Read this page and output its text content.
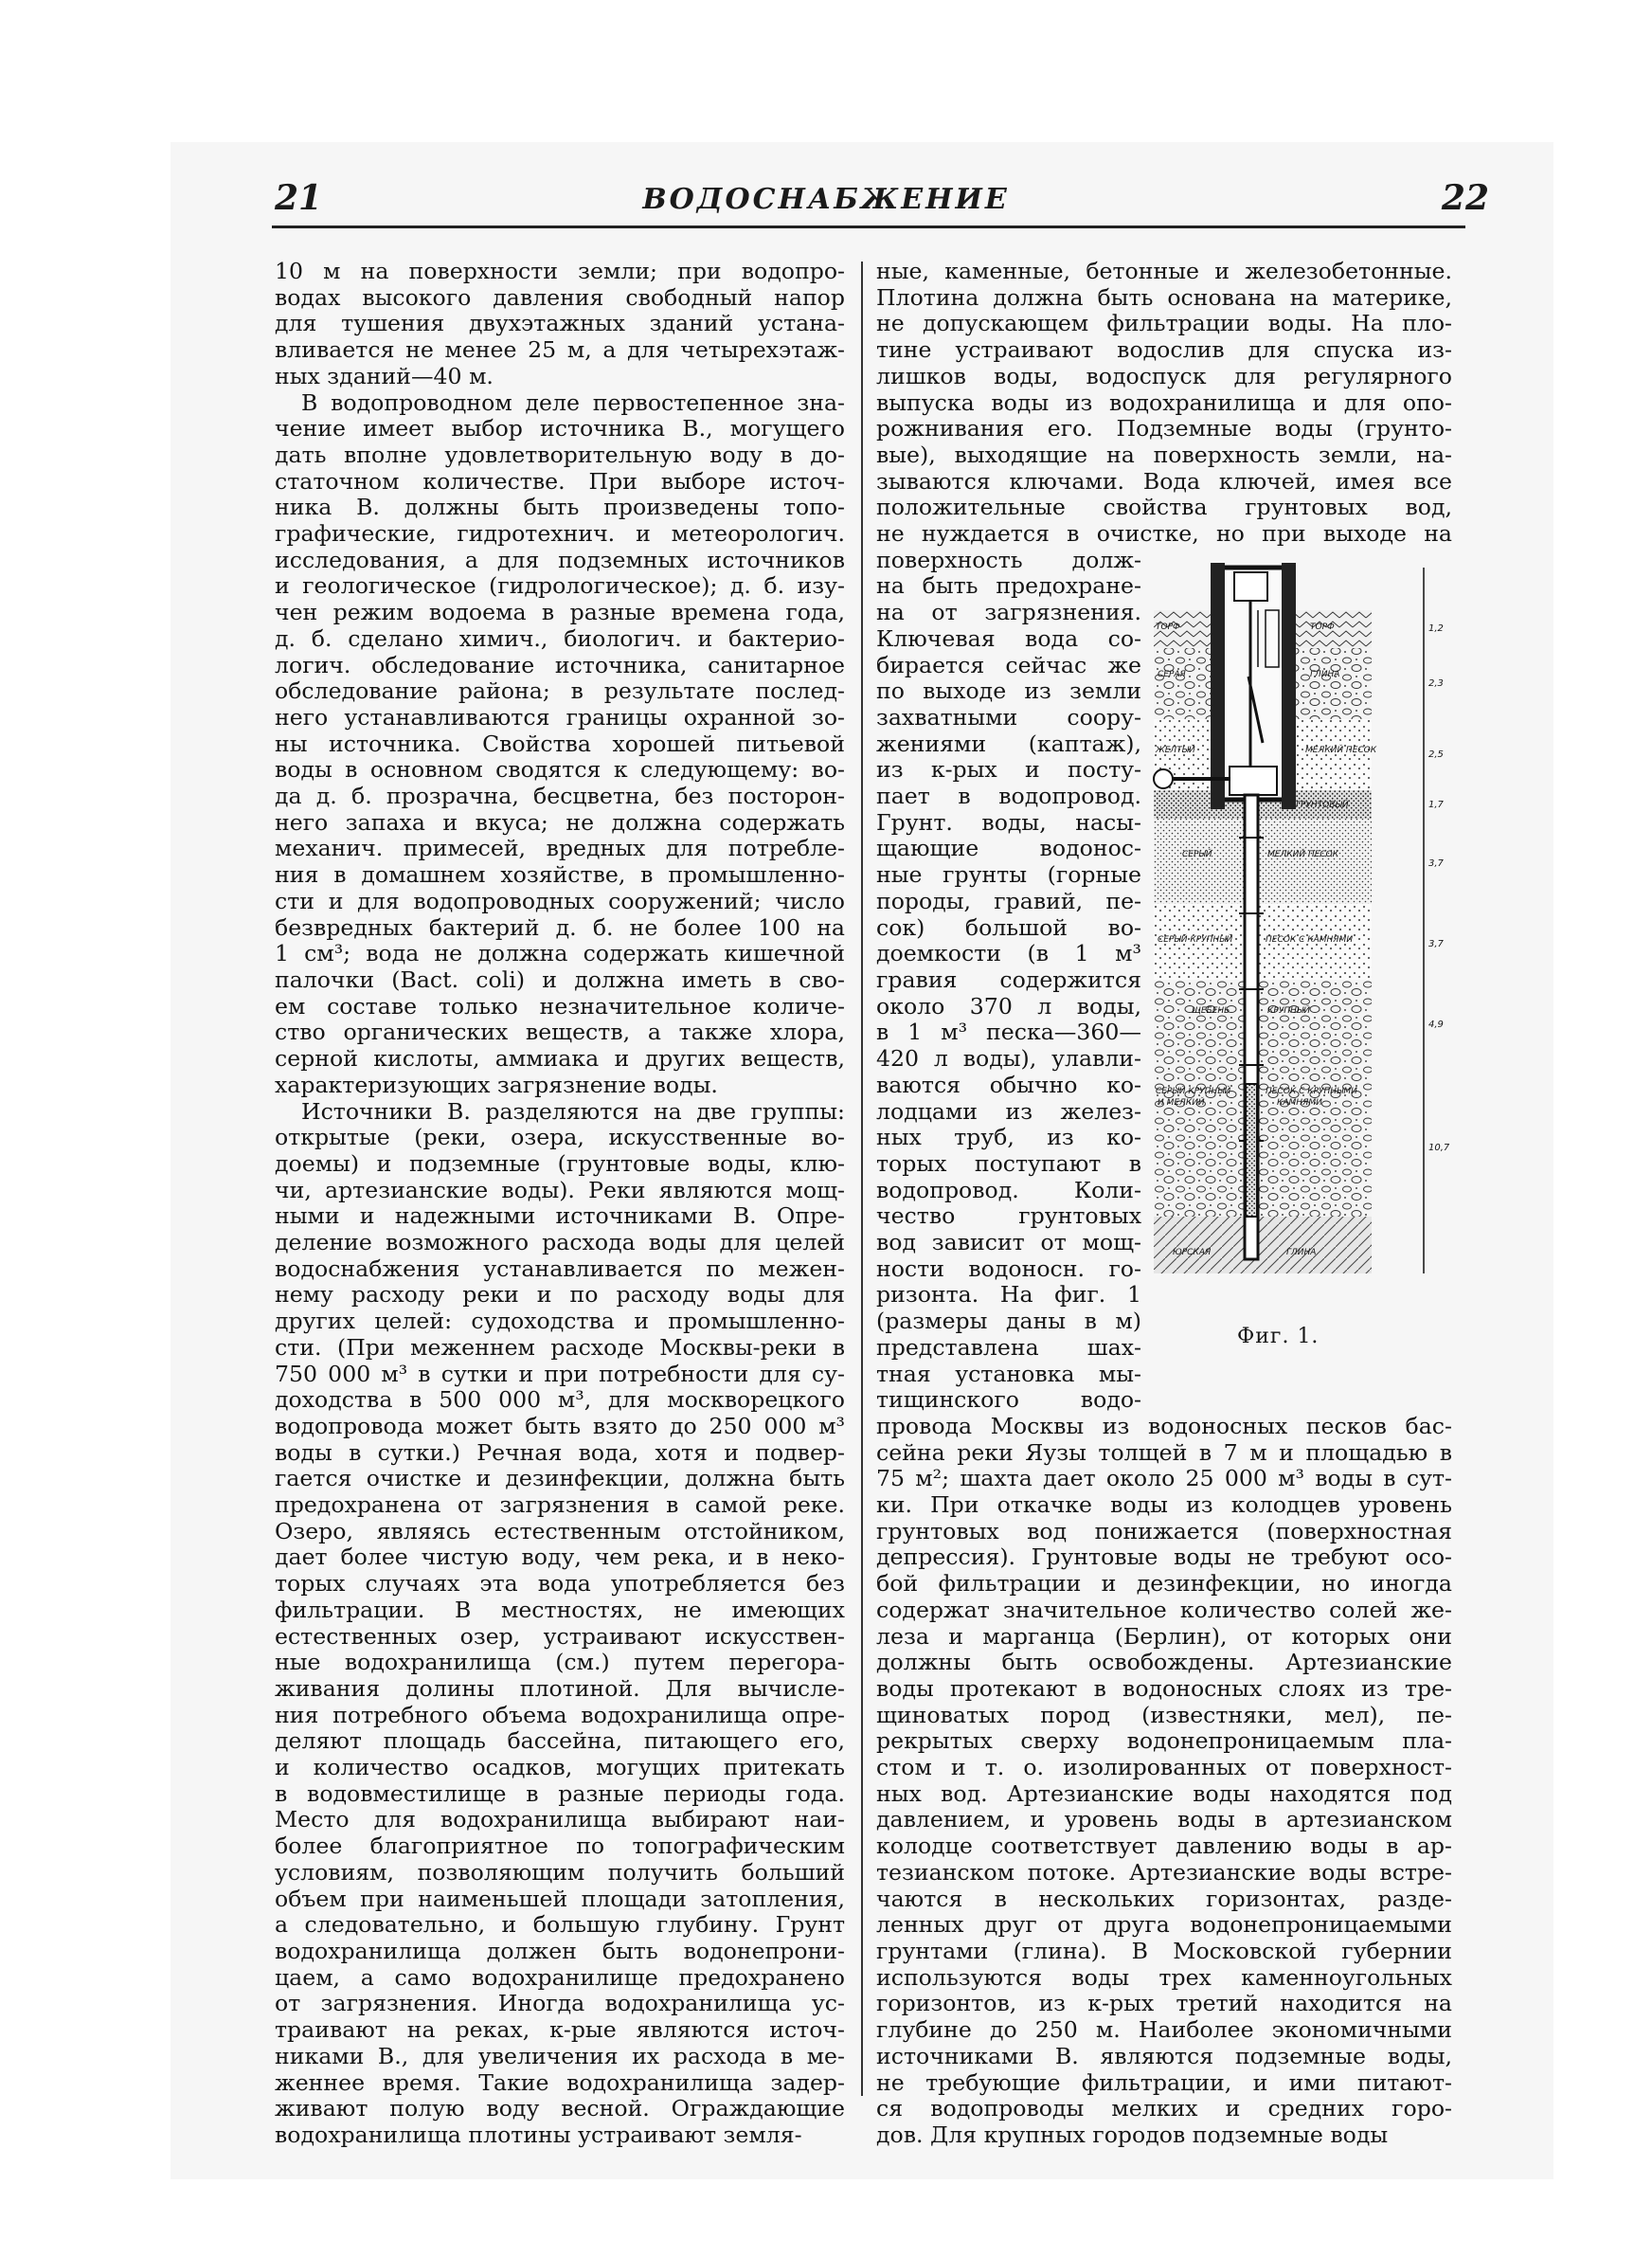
21	ВОДОСНАБЖЕНИЕ	22
10 м на поверхности земли; при водопро-
водах высокого давления свободный напор
для тушения двухэтажных зданий устана-
вливается не менее 25 м, а для четырехэтаж-
ных зданий—40 м.
В водопроводном деле первостепенное зна-
чение имеет выбор источника В., могущего
дать вполне удовлетворительную воду в до-
статочном количестве. При выборе источ-
ника В. должны быть произведены топо-
графические, гидротехнич. и метеорологич.
исследования, а для подземных источников
и геологическое (гидрологическое); д. б. изу-
чен режим водоема в разные времена года,
д. б. сделано химич., биологич. и бактерио-
логич. обследование источника, санитарное
обследование района; в результате послед-
него устанавливаются границы охранной зо-
ны источника. Свойства хорошей питьевой
воды в основном сводятся к следующему: во-
да д. б. прозрачна, бесцветна, без посторон-
него запаха и вкуса; не должна содержать
механич. примесей, вредных для потребле-
ния в домашнем хозяйстве, в промышленно-
сти и для водопроводных сооружений; число
безвредных бактерий д. б. не более 100 на
1 см³; вода не должна содержать кишечной
палочки (Bact. coli) и должна иметь в сво-
ем составе только незначительное количе-
ство органических веществ, а также хлора,
серной кислоты, аммиака и других веществ,
характеризующих загрязнение воды.
Источники В. разделяются на две группы:
открытые (реки, озера, искусственные во-
доемы) и подземные (грунтовые воды, клю-
чи, артезианские воды). Реки являются мощ-
ными и надежными источниками В. Опре-
деление возможного расхода воды для целей
водоснабжения устанавливается по межен-
нему расходу реки и по расходу воды для
других целей: судоходства и промышленно-
сти. (При меженнем расходе Москвы-реки в
750 000 м³ в сутки и при потребности для су-
доходства в 500 000 м³, для москворецкого
водопровода может быть взято до 250 000 м³
воды в сутки.) Речная вода, хотя и подвер-
гается очистке и дезинфекции, должна быть
предохранена от загрязнения в самой реке.
Озеро, являясь естественным отстойником,
дает более чистую воду, чем река, и в неко-
торых случаях эта вода употребляется без
фильтрации. В местностях, не имеющих
естественных озер, устраивают искусствен-
ные водохранилища (см.) путем перегора-
живания долины плотиной. Для вычисле-
ния потребного объема водохранилища опре-
деляют площадь бассейна, питающего его,
и количество осадков, могущих притекать
в водовместилище в разные периоды года.
Место для водохранилища выбирают наи-
более благоприятное по топографическим
условиям, позволяющим получить больший
объем при наименьшей площади затопления,
а следовательно, и большую глубину. Грунт
водохранилища должен быть водонепрони-
цаем, а само водохранилище предохранено
от загрязнения. Иногда водохранилища ус-
траивают на реках, к-рые являются источ-
никами В., для увеличения их расхода в ме-
женнее время. Такие водохранилища задер-
живают полую воду весной. Ограждающие
водохранилища плотины устраивают земля-
ные, каменные, бетонные и железобетонные.
Плотина должна быть основана на материке,
не допускающем фильтрации воды. На пло-
тине устраивают водослив для спуска из-
лишков воды, водоспуск для регулярного
выпуска воды из водохранилища и для опо-
рожнивания его. Подземные воды (грунто-
вые), выходящие на поверхность земли, на-
зываются ключами. Вода ключей, имея все
положительные свойства грунтовых вод,
не нуждается в очистке, но при выходе на
поверхность долж-
на быть предохране-
на от загрязнения.
Ключевая вода со-
бирается сейчас же
по выходе из земли
захватными соору-
жениями (каптаж),
из к-рых и посту-
пает в водопровод.
Грунт. воды, насы-
щающие водонос-
ные грунты (горные
породы, гравий, пе-
сок) большой во-
доемкости (в 1 м³
гравия содержится
около 370 л воды,
в 1 м³ песка—360—
420 л воды), улавли-
ваются обычно ко-
лодцами из желез-
ных труб, из ко-
торых поступают в
водопровод. Коли-
чество грунтовых
вод зависит от мощ-
ности водоносн. го-
ризонта. На фиг. 1
(размеры даны в м)
представлена шах-
тная установка мы-
тищинского водо-
провода Москвы из водоносных песков бас-
сейна реки Яузы толщей в 7 м и площадью в
75 м²; шахта дает около 25 000 м³ воды в сут-
ки. При откачке воды из колодцев уровень
грунтовых вод понижается (поверхностная
депрессия). Грунтовые воды не требуют осо-
бой фильтрации и дезинфекции, но иногда
содержат значительное количество солей же-
леза и марганца (Берлин), от которых они
должны быть освобождены. Артезианские
воды протекают в водоносных слоях из тре-
щиноватых пород (известняки, мел), пе-
рекрытых сверху водонепроницаемым пла-
стом и т. о. изолированных от поверхност-
ных вод. Артезианские воды находятся под
давлением, и уровень воды в артезианском
колодце соответствует давлению воды в ар-
тезианском потоке. Артезианские воды встре-
чаются в нескольких горизонтах, разде-
ленных друг от друга водонепроницаемыми
грунтами (глина). В Московской губернии
используются воды трех каменноугольных
горизонтов, из к-рых третий находится на
глубине до 250 м. Наиболее экономичными
источниками В. являются подземные воды,
не требующие фильтрации, и ими питают-
ся водопроводы мелких и средних горо-
дов. Для крупных городов подземные воды
ТОРФ	ТОРФ
СЕРАЯ	ГЛИНА
ЖЕЛТЫЙ	МЕЛКИЙ ПЕСОК
ГРУНТОВЫЙ
СЕРЫЙ	МЕЛКИЙ ПЕСОК
СЕРЫЙ КРУПНЫЙ	ПЕСОК С КАМНЯМИ
ЩЕБЕНЬ	КРУПНЫЙ
СЕРЫЙ КРУПНЫЙ
И МЕЛКИЙ
ПЕСОК С КРУПНЫМИ
КАМНЯМИ
ЮРСКАЯ	ГЛИНА
1,2
2,3
2,5
1,7
3,7
3,7
4,9
10,7
Фиг. 1.
